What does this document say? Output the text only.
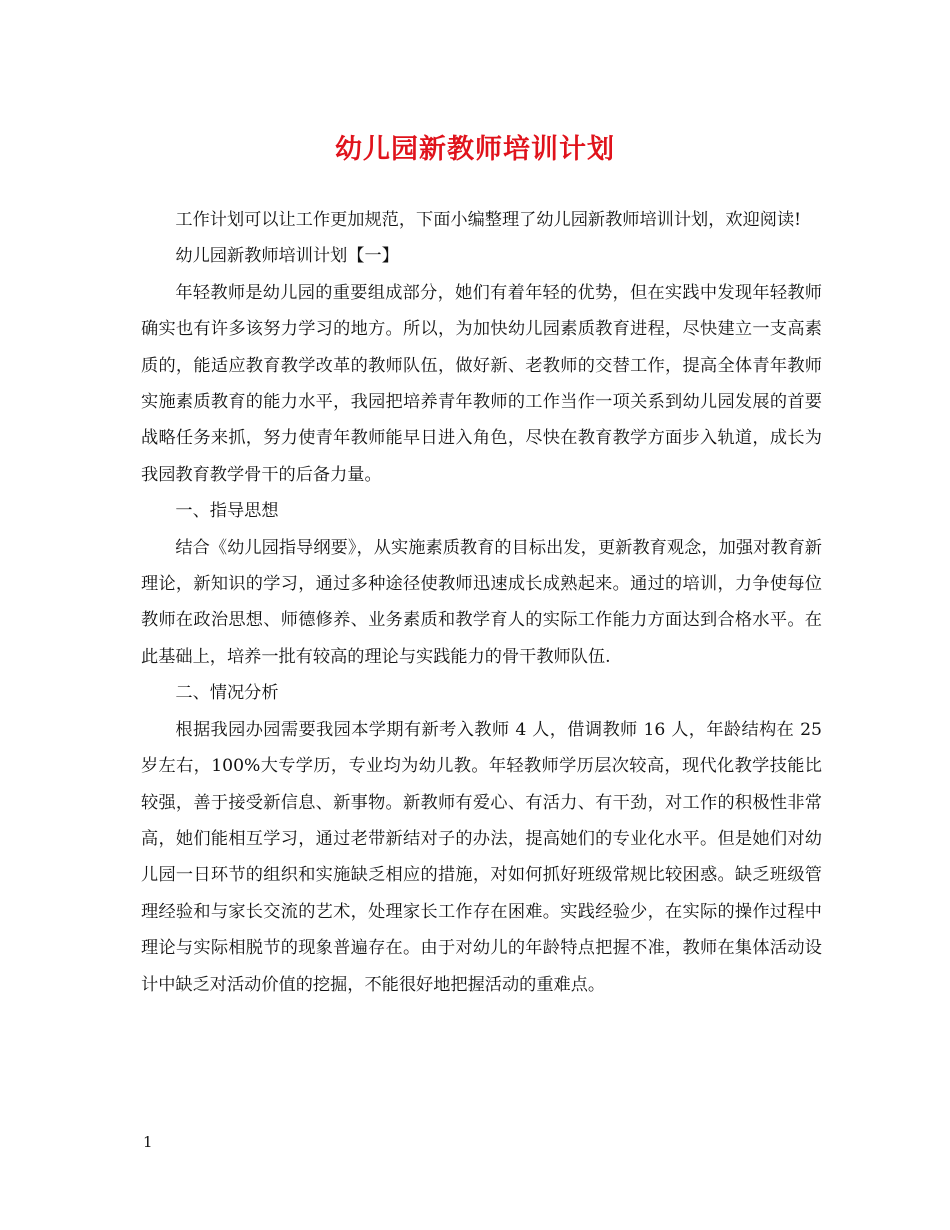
幼儿园新教师培训计划

工作计划可以让工作更加规范，下面小编整理了幼儿园新教师培训计划，欢迎阅读!

幼儿园新教师培训计划【一】

年轻教师是幼儿园的重要组成部分，她们有着年轻的优势，但在实践中发现年轻教师确实也有许多该努力学习的地方。所以，为加快幼儿园素质教育进程，尽快建立一支高素质的，能适应教育教学改革的教师队伍，做好新、老教师的交替工作，提高全体青年教师实施素质教育的能力水平，我园把培养青年教师的工作当作一项关系到幼儿园发展的首要战略任务来抓，努力使青年教师能早日进入角色，尽快在教育教学方面步入轨道，成长为我园教育教学骨干的后备力量。

一、指导思想

结合《幼儿园指导纲要》，从实施素质教育的目标出发，更新教育观念，加强对教育新理论，新知识的学习，通过多种途径使教师迅速成长成熟起来。通过的培训，力争使每位教师在政治思想、师德修养、业务素质和教学育人的实际工作能力方面达到合格水平。在此基础上，培养一批有较高的理论与实践能力的骨干教师队伍.

二、情况分析

根据我园办园需要我园本学期有新考入教师 4 人，借调教师 16 人，年龄结构在 25 岁左右，100%大专学历，专业均为幼儿教。年轻教师学历层次较高，现代化教学技能比较强，善于接受新信息、新事物。新教师有爱心、有活力、有干劲，对工作的积极性非常高，她们能相互学习，通过老带新结对子的办法，提高她们的专业化水平。但是她们对幼儿园一日环节的组织和实施缺乏相应的措施，对如何抓好班级常规比较困惑。缺乏班级管理经验和与家长交流的艺术，处理家长工作存在困难。实践经验少，在实际的操作过程中理论与实际相脱节的现象普遍存在。由于对幼儿的年龄特点把握不准，教师在集体活动设计中缺乏对活动价值的挖掘，不能很好地把握活动的重难点。

1
